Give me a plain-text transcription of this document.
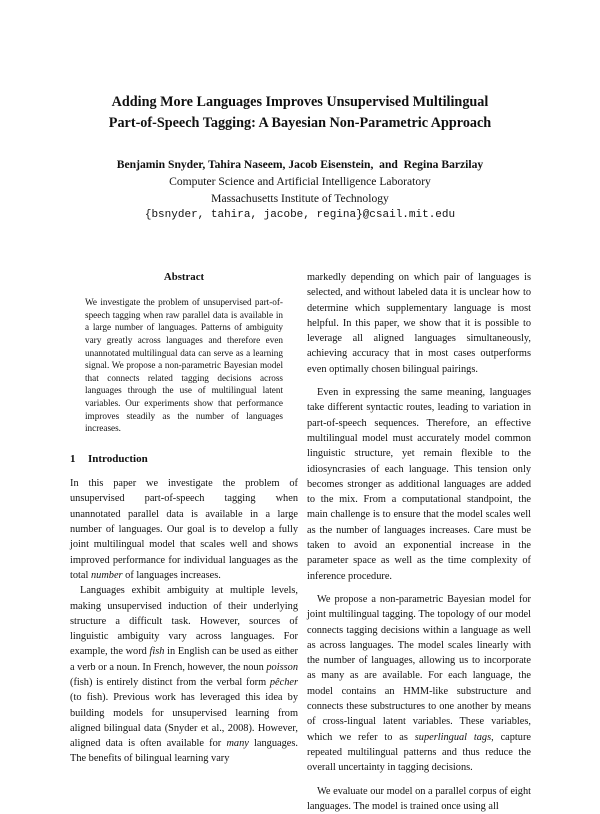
Adding More Languages Improves Unsupervised Multilingual
Part-of-Speech Tagging: A Bayesian Non-Parametric Approach
Benjamin Snyder, Tahira Naseem, Jacob Eisenstein,  and  Regina Barzilay
Computer Science and Artificial Intelligence Laboratory
Massachusetts Institute of Technology
{bsnyder, tahira, jacobe, regina}@csail.mit.edu
Abstract

We investigate the problem of unsupervised part-of-speech tagging when raw parallel data is available in a large number of languages. Patterns of ambiguity vary greatly across languages and therefore even unannotated multilingual data can serve as a learning signal. We propose a non-parametric Bayesian model that connects related tagging decisions across languages through the use of multilingual latent variables. Our experiments show that performance improves steadily as the number of languages increases.

1 Introduction

In this paper we investigate the problem of unsupervised part-of-speech tagging when unannotated parallel data is available in a large number of languages. Our goal is to develop a fully joint multilingual model that scales well and shows improved performance for individual languages as the total number of languages increases.

Languages exhibit ambiguity at multiple levels, making unsupervised induction of their underlying structure a difficult task. However, sources of linguistic ambiguity vary across languages. For example, the word fish in English can be used as either a verb or a noun. In French, however, the noun poisson (fish) is entirely distinct from the verbal form pêcher (to fish). Previous work has leveraged this idea by building models for unsupervised learning from aligned bilingual data (Snyder et al., 2008). However, aligned data is often available for many languages. The benefits of bilingual learning vary

markedly depending on which pair of languages is selected, and without labeled data it is unclear how to determine which supplementary language is most helpful. In this paper, we show that it is possible to leverage all aligned languages simultaneously, achieving accuracy that in most cases outperforms even optimally chosen bilingual pairings.

Even in expressing the same meaning, languages take different syntactic routes, leading to variation in part-of-speech sequences. Therefore, an effective multilingual model must accurately model common linguistic structure, yet remain flexible to the idiosyncrasies of each language. This tension only becomes stronger as additional languages are added to the mix. From a computational standpoint, the main challenge is to ensure that the model scales well as the number of languages increases. Care must be taken to avoid an exponential increase in the parameter space as well as the time complexity of inference procedure.

We propose a non-parametric Bayesian model for joint multilingual tagging. The topology of our model connects tagging decisions within a language as well as across languages. The model scales linearly with the number of languages, allowing us to incorporate as many as are available. For each language, the model contains an HMM-like substructure and connects these substructures to one another by means of cross-lingual latent variables. These variables, which we refer to as superlingual tags, capture repeated multilingual patterns and thus reduce the overall uncertainty in tagging decisions.

We evaluate our model on a parallel corpus of eight languages. The model is trained once using all
